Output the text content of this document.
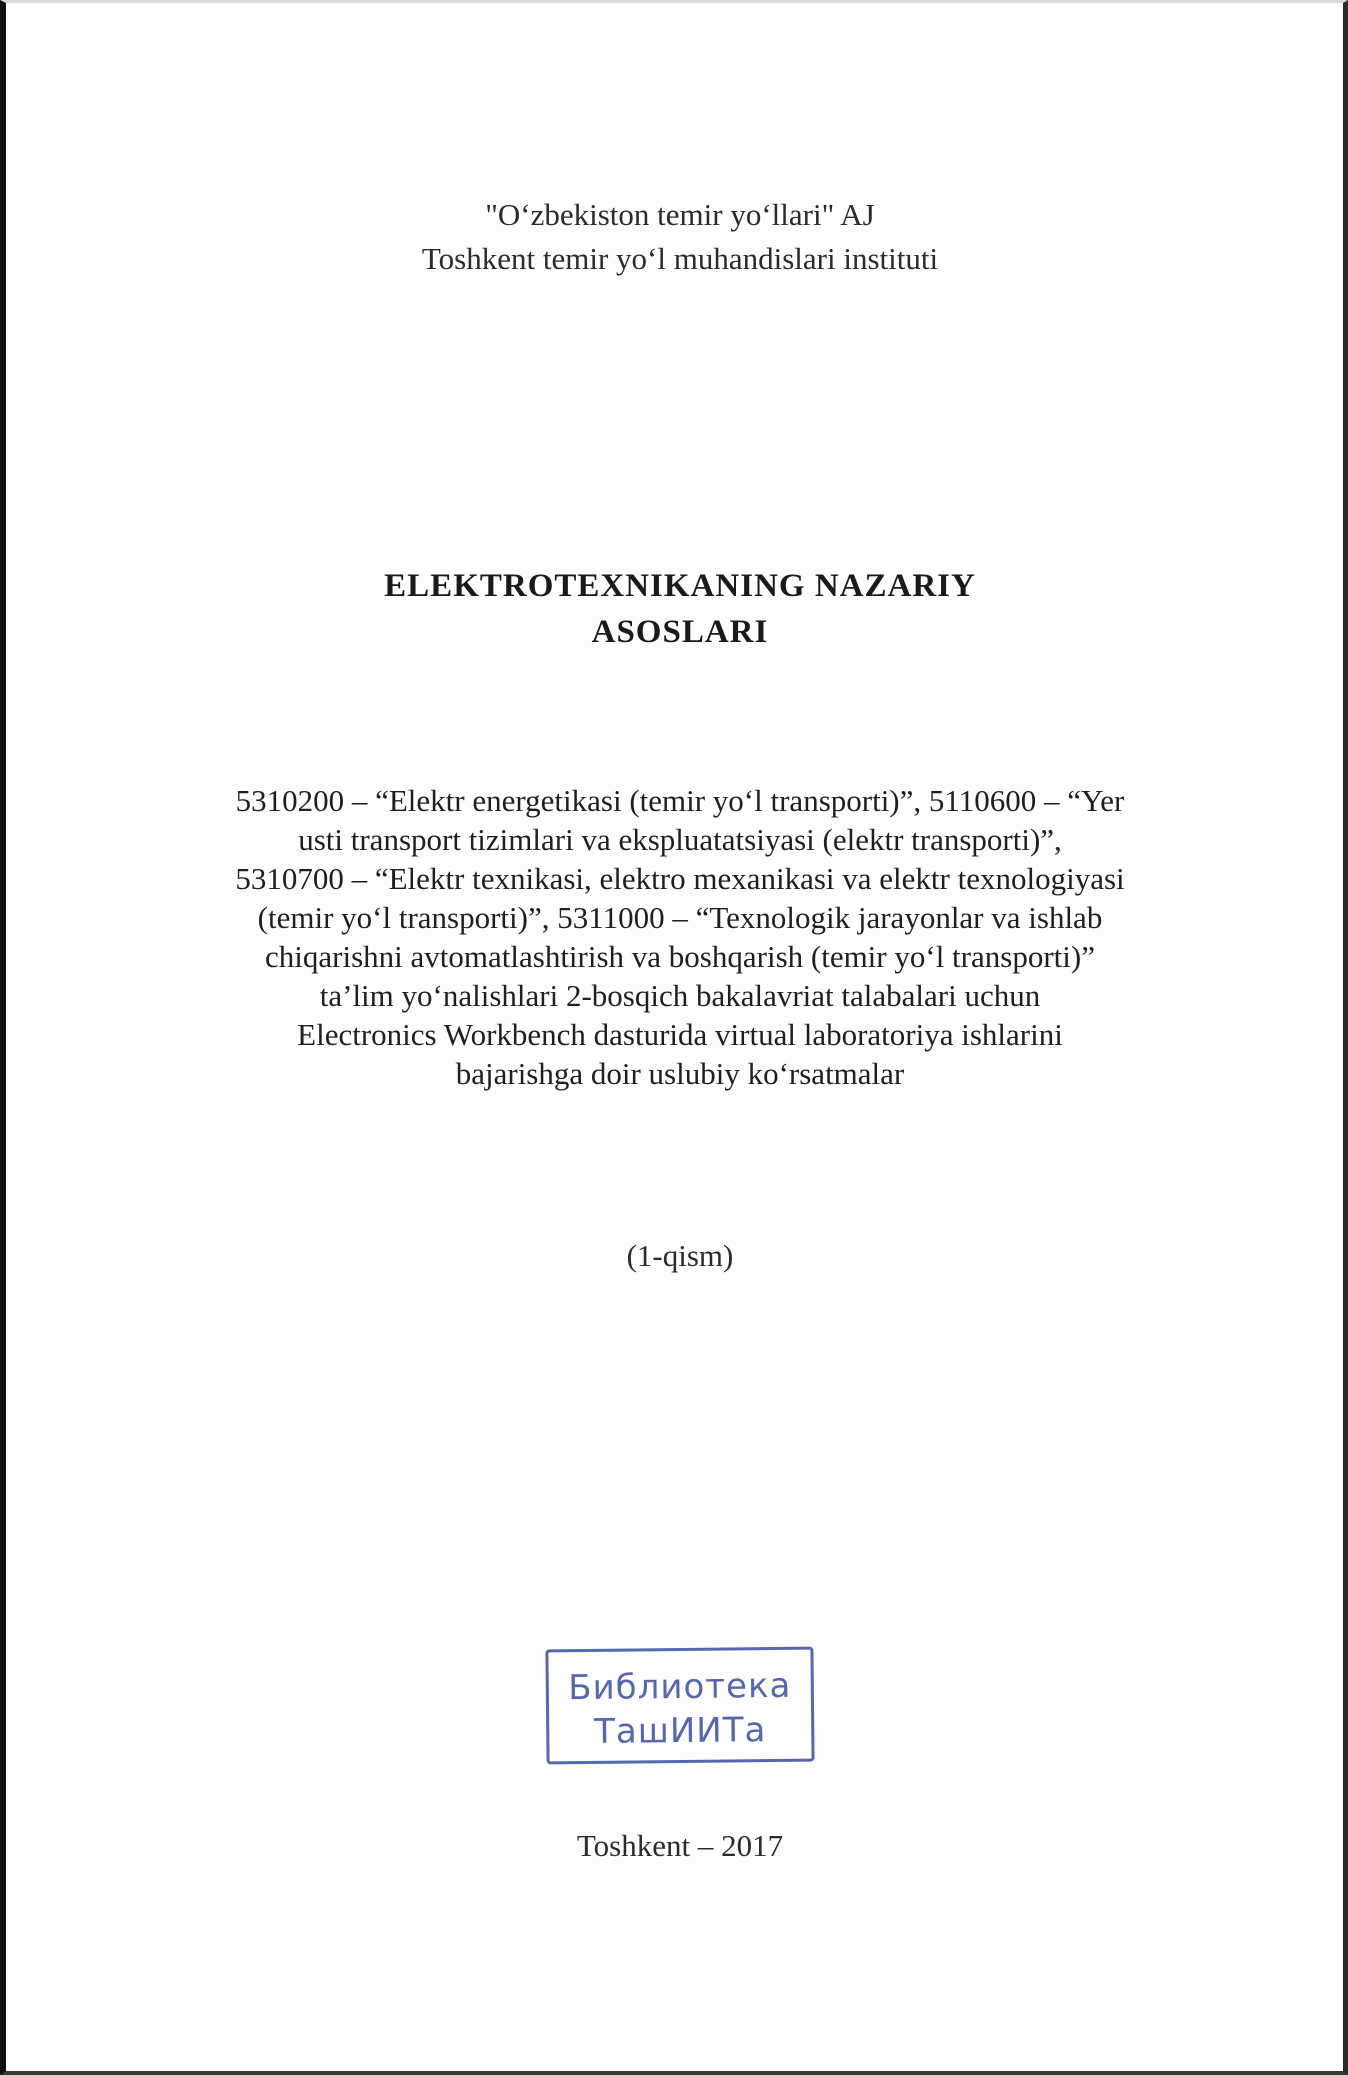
"O‘zbekiston temir yo‘llari" AJ
Toshkent temir yo‘l muhandislari instituti
ELEKTROTEXNIKANING NAZARIY
ASOSLARI
5310200 – “Elektr energetikasi (temir yo‘l transporti)”, 5110600 – “Yer
usti transport tizimlari va ekspluatatsiyasi (elektr transporti)”,
5310700 – “Elektr texnikasi, elektro mexanikasi va elektr texnologiyasi
(temir yo‘l transporti)”, 5311000 – “Texnologik jarayonlar va ishlab
chiqarishni avtomatlashtirish va boshqarish (temir yo‘l transporti)”
ta’lim yo‘nalishlari 2-bosqich bakalavriat talabalari uchun
Electronics Workbench dasturida virtual laboratoriya ishlarini
bajarishga doir uslubiy ko‘rsatmalar
(1-qism)
Библиотека
ТашИИТа
Toshkent – 2017
